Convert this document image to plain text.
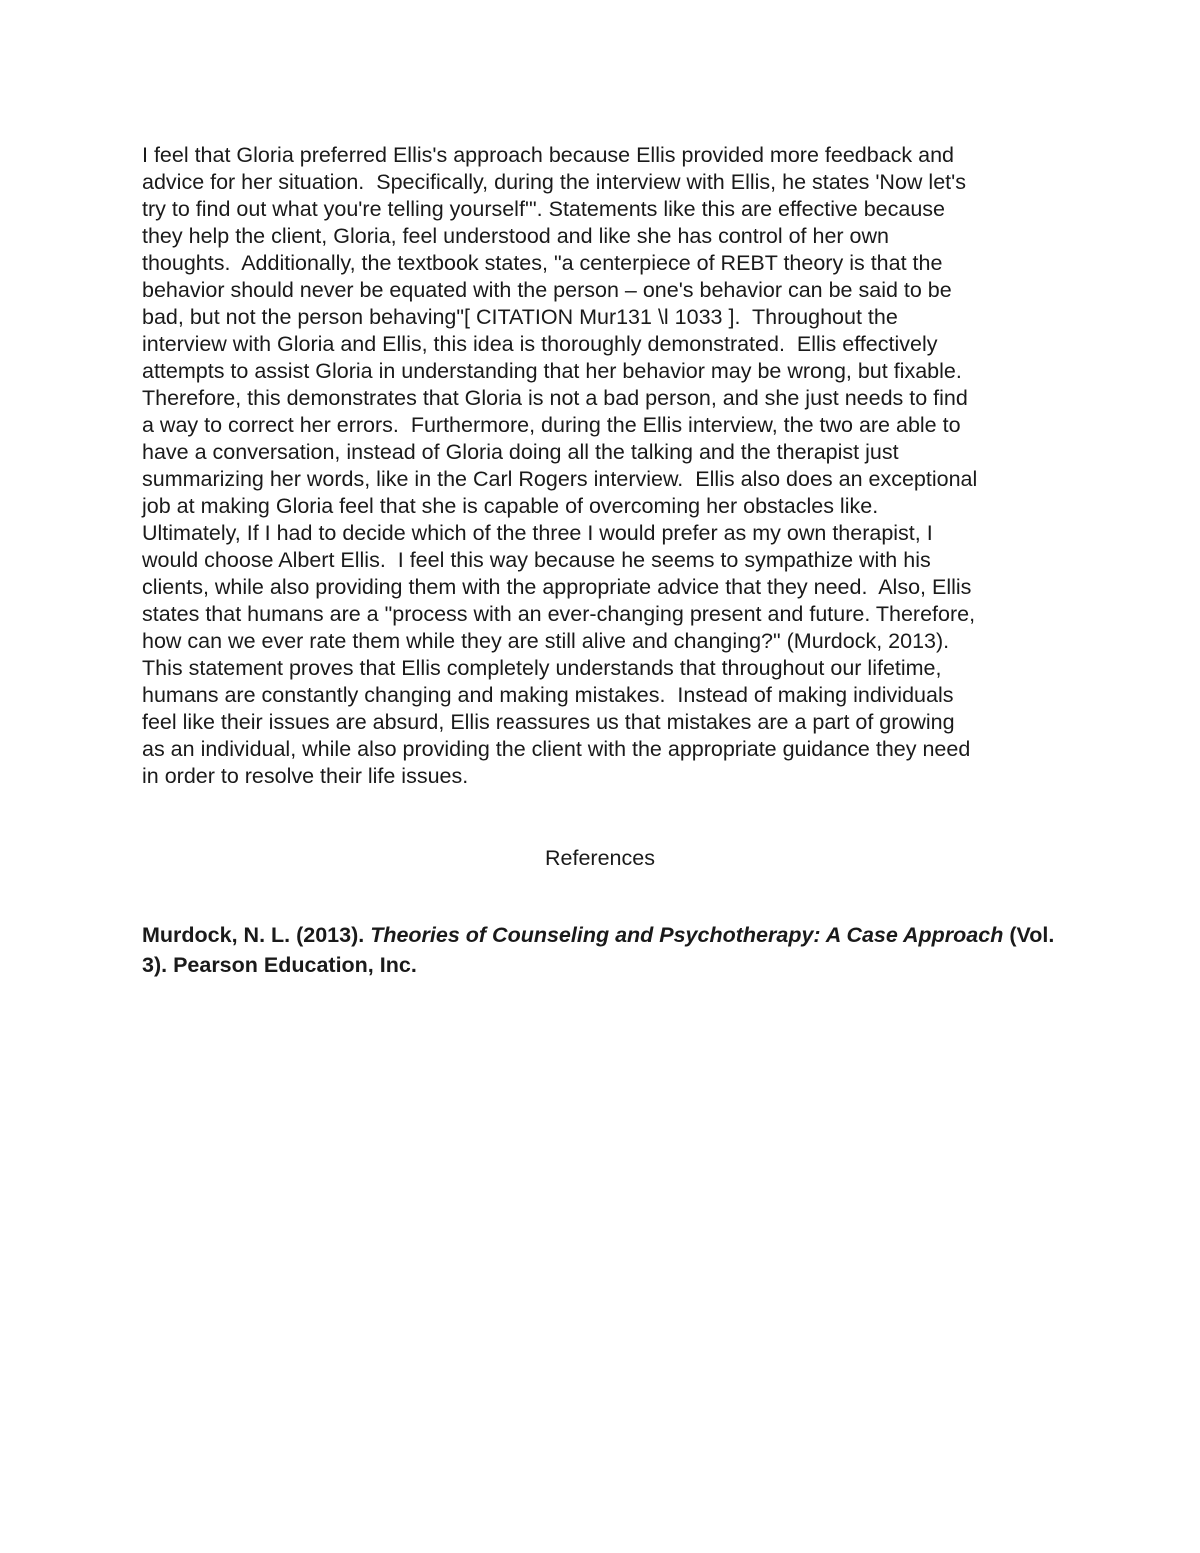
I feel that Gloria preferred Ellis's approach because Ellis provided more feedback and
advice for her situation.  Specifically, during the interview with Ellis, he states 'Now let's
try to find out what you're telling yourself'". Statements like this are effective because
they help the client, Gloria, feel understood and like she has control of her own
thoughts.  Additionally, the textbook states, "a centerpiece of REBT theory is that the
behavior should never be equated with the person – one's behavior can be said to be
bad, but not the person behaving"[ CITATION Mur131 \l 1033 ].  Throughout the
interview with Gloria and Ellis, this idea is thoroughly demonstrated.  Ellis effectively
attempts to assist Gloria in understanding that her behavior may be wrong, but fixable.
Therefore, this demonstrates that Gloria is not a bad person, and she just needs to find
a way to correct her errors.  Furthermore, during the Ellis interview, the two are able to
have a conversation, instead of Gloria doing all the talking and the therapist just
summarizing her words, like in the Carl Rogers interview.  Ellis also does an exceptional
job at making Gloria feel that she is capable of overcoming her obstacles like.
Ultimately, If I had to decide which of the three I would prefer as my own therapist, I
would choose Albert Ellis.  I feel this way because he seems to sympathize with his
clients, while also providing them with the appropriate advice that they need.  Also, Ellis
states that humans are a "process with an ever-changing present and future. Therefore,
how can we ever rate them while they are still alive and changing?" (Murdock, 2013).
This statement proves that Ellis completely understands that throughout our lifetime,
humans are constantly changing and making mistakes.  Instead of making individuals
feel like their issues are absurd, Ellis reassures us that mistakes are a part of growing
as an individual, while also providing the client with the appropriate guidance they need
in order to resolve their life issues.
References
Murdock, N. L. (2013). Theories of Counseling and Psychotherapy: A Case Approach (Vol. 3). Pearson Education, Inc.
